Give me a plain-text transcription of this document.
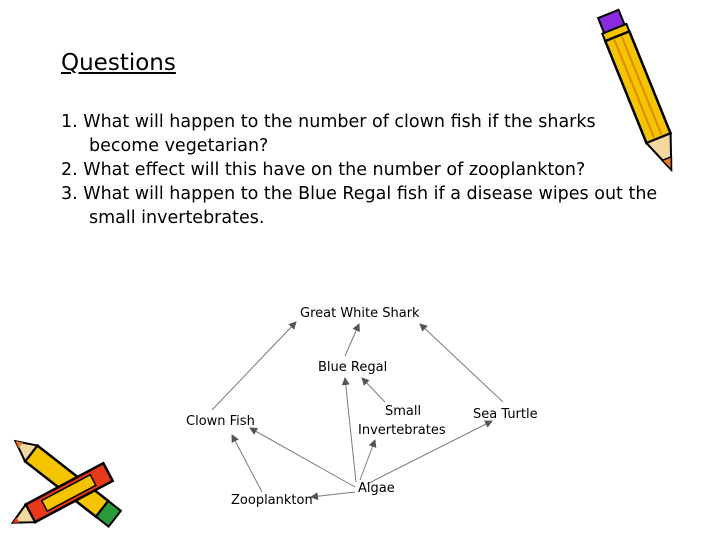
Questions
1. What will happen to the number of clown fish if the sharks become vegetarian?
2. What effect will this have on the number of zooplankton?
3. What will happen to the Blue Regal fish if a disease wipes out the small invertebrates.
Great White Shark
Blue Regal
Small
Invertebrates
Clown Fish	Sea Turtle
Algae
Zooplankton
